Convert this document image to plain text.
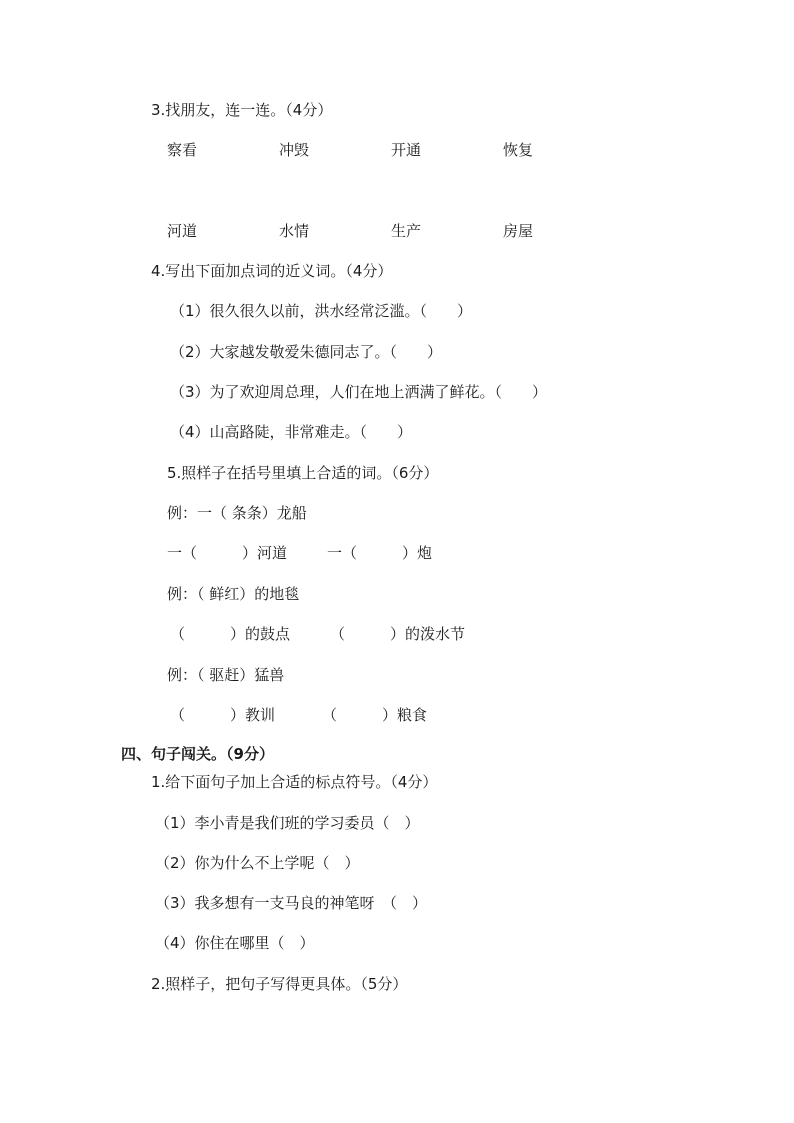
3.找朋友，连一连。（4分）
察看	冲毁	开通	恢复
河道	水情	生产	房屋
4.写出下面加点词的近义词。（4分）
（1）很久很久以前，洪水经常泛滥。（　　）
（2）大家越发敬爱朱德同志了。（　　）
（3）为了欢迎周总理，人们在地上洒满了鲜花。（　　）
（4）山高路陡，非常难走。（　　）
5.照样子在括号里填上合适的词。（6分）
例：一（ 条条）龙船
一（　　　）河道	一（　　　）炮
例：（ 鲜红）的地毯
（　　　）的鼓点	（　　　）的泼水节
例：（ 驱赶）猛兽
（　　　）教训	（　　　）粮食
四、句子闯关。（9分）
1.给下面句子加上合适的标点符号。（4分）
（1）李小青是我们班的学习委员（　）
（2）你为什么不上学呢（　）
（3）我多想有一支马良的神笔呀　（　）
（4）你住在哪里（　）
2.照样子，把句子写得更具体。（5分）
